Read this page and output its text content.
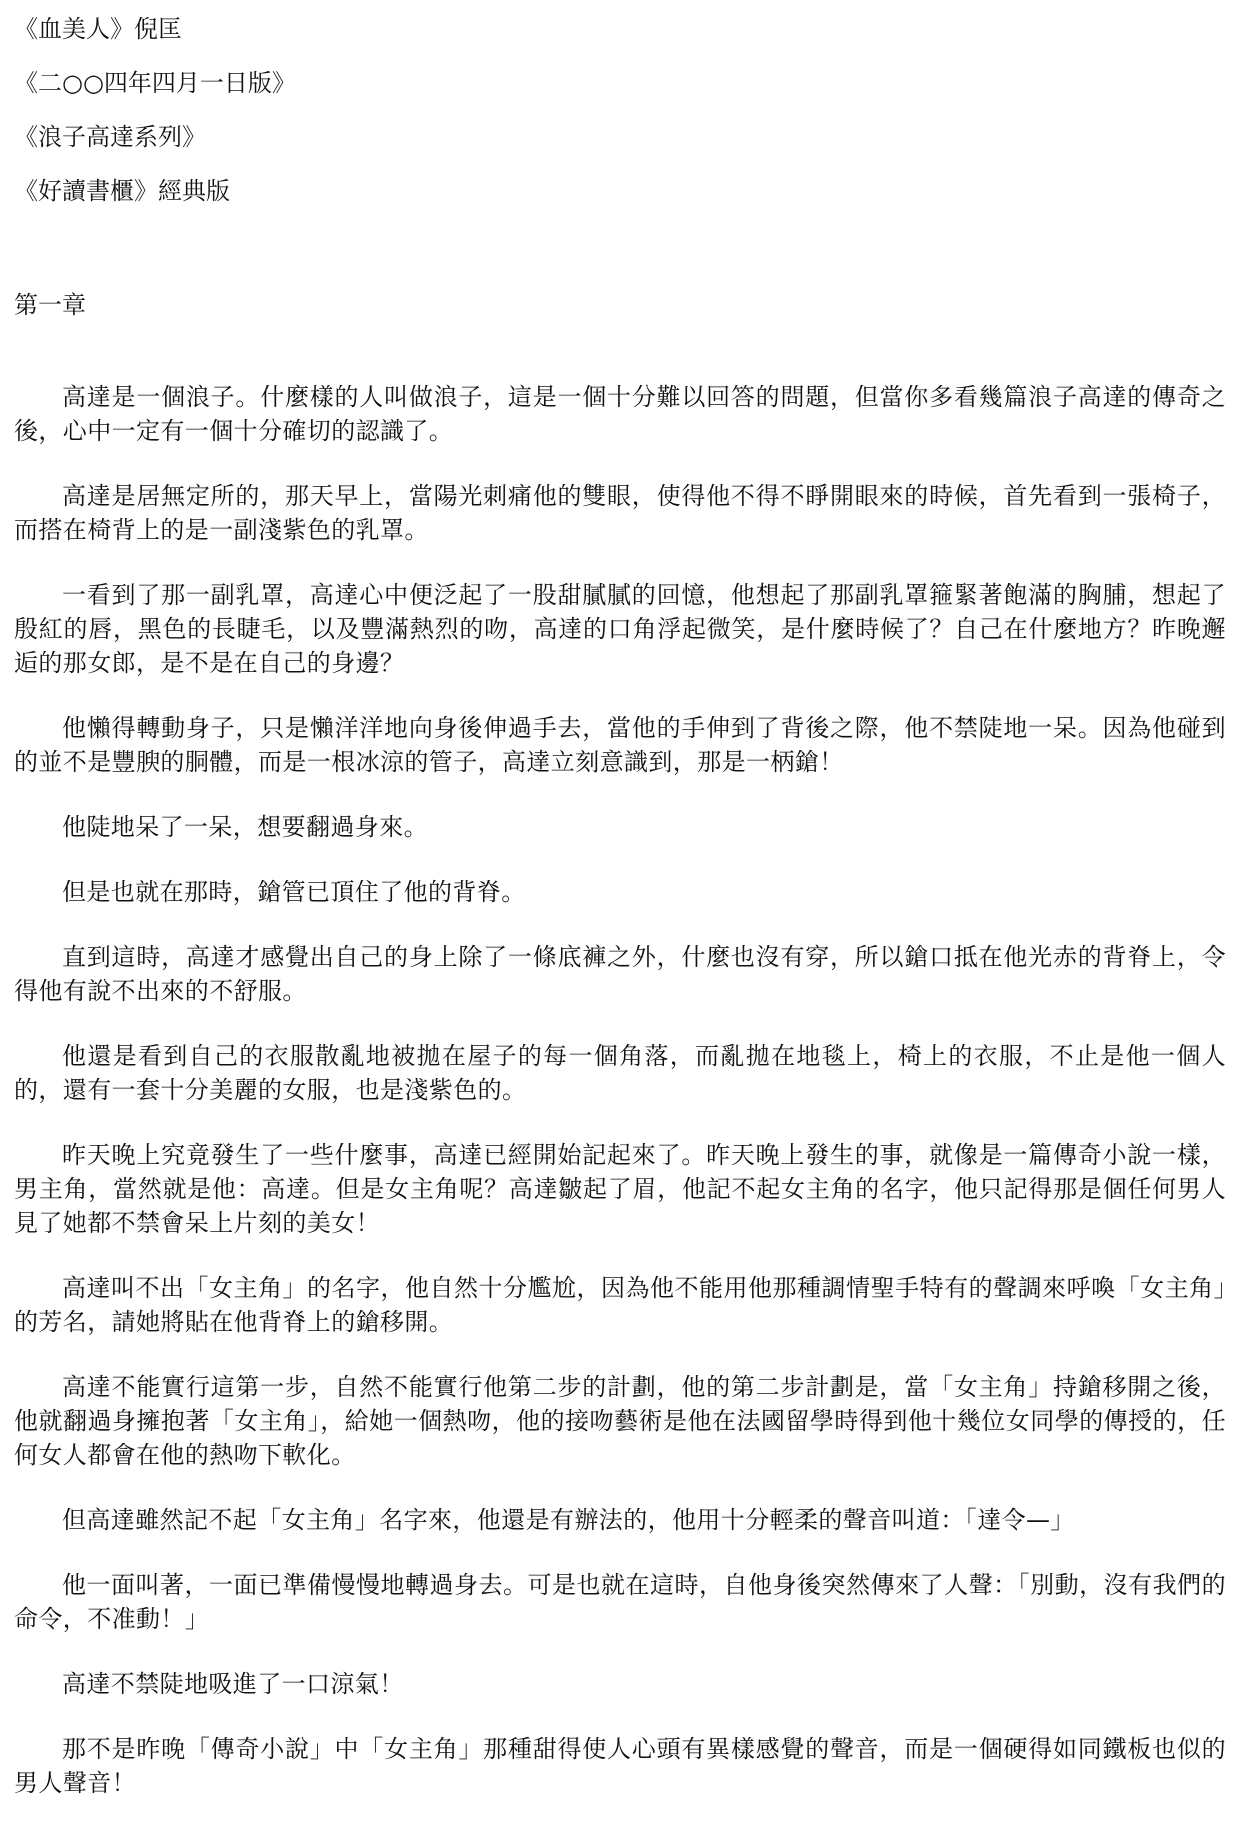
《血美人》倪匡
《二○○四年四月一日版》
《浪子高達系列》
《好讀書櫃》經典版
第一章

高達是一個浪子。什麼樣的人叫做浪子，這是一個十分難以回答的問題，但當你多看幾篇浪子高達的傳奇之後，心中一定有一個十分確切的認識了。

高達是居無定所的，那天早上，當陽光刺痛他的雙眼，使得他不得不睜開眼來的時候，首先看到一張椅子，而搭在椅背上的是一副淺紫色的乳罩。

一看到了那一副乳罩，高達心中便泛起了一股甜膩膩的回憶，他想起了那副乳罩箍緊著飽滿的胸脯，想起了殷紅的唇，黑色的長睫毛，以及豐滿熱烈的吻，高達的口角浮起微笑，是什麼時候了？自己在什麼地方？昨晚邂逅的那女郎，是不是在自己的身邊？

他懶得轉動身子，只是懶洋洋地向身後伸過手去，當他的手伸到了背後之際，他不禁陡地一呆。因為他碰到的並不是豐腴的胴體，而是一根冰涼的管子，高達立刻意識到，那是一柄鎗！

他陡地呆了一呆，想要翻過身來。

但是也就在那時，鎗管已頂住了他的背脊。

直到這時，高達才感覺出自己的身上除了一條底褲之外，什麼也沒有穿，所以鎗口抵在他光赤的背脊上，令得他有說不出來的不舒服。

他還是看到自己的衣服散亂地被拋在屋子的每一個角落，而亂拋在地毯上，椅上的衣服，不止是他一個人的，還有一套十分美麗的女服，也是淺紫色的。

昨天晚上究竟發生了一些什麼事，高達已經開始記起來了。昨天晚上發生的事，就像是一篇傳奇小說一樣，男主角，當然就是他：高達。但是女主角呢？高達皺起了眉，他記不起女主角的名字，他只記得那是個任何男人見了她都不禁會呆上片刻的美女！

高達叫不出「女主角」的名字，他自然十分尷尬，因為他不能用他那種調情聖手特有的聲調來呼喚「女主角」的芳名，請她將貼在他背脊上的鎗移開。

高達不能實行這第一步，自然不能實行他第二步的計劃，他的第二步計劃是，當「女主角」持鎗移開之後，他就翻過身擁抱著「女主角」，給她一個熱吻，他的接吻藝術是他在法國留學時得到他十幾位女同學的傳授的，任何女人都會在他的熱吻下軟化。

但高達雖然記不起「女主角」名字來，他還是有辦法的，他用十分輕柔的聲音叫道：「達令—」

他一面叫著，一面已準備慢慢地轉過身去。可是也就在這時，自他身後突然傳來了人聲：「別動，沒有我們的命令，不准動！」

高達不禁陡地吸進了一口涼氣！

那不是昨晚「傳奇小說」中「女主角」那種甜得使人心頭有異樣感覺的聲音，而是一個硬得如同鐵板也似的男人聲音！
